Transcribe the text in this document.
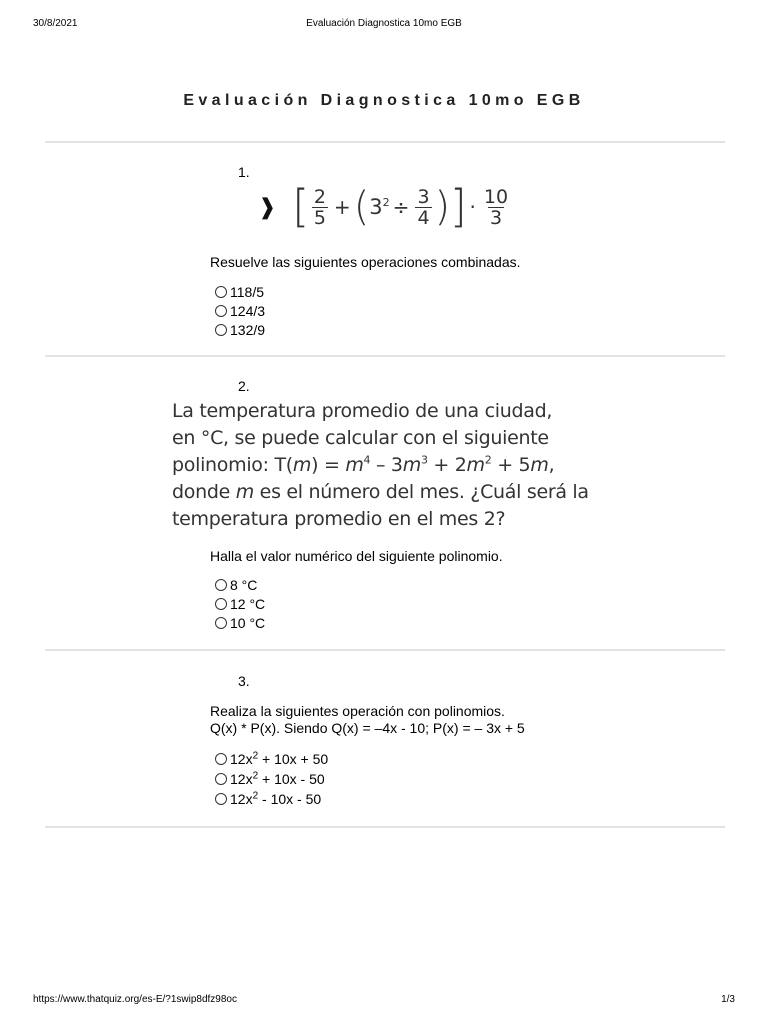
30/8/2021	Evaluación Diagnostica 10mo EGB
Evaluación Diagnostica 10mo EGB
1.
❱ [ $\frac{2}{5}$ + ( $3^2 \div \frac{3}{4}$ ) ] · $\frac{10}{3}$
Resuelve las siguientes operaciones combinadas.
118/5
124/3
132/9
2.
La temperatura promedio de una ciudad,
en °C, se puede calcular con el siguiente
polinomio: $T(m) = m^4 - 3m^3 + 2m^2 + 5m$,
donde m es el número del mes. ¿Cuál será la
temperatura promedio en el mes 2?
Halla el valor numérico del siguiente polinomio.
8 °C
12 °C
10 °C
3.
Realiza la siguientes operación con polinomios.
Q(x) * P(x). Siendo Q(x) = –4x - 10; P(x) = – 3x + 5
$12x^2 + 10x + 50$
$12x^2 + 10x - 50$
$12x^2 - 10x - 50$
https://www.thatquiz.org/es-E/?1swip8dfz98oc	1/3
